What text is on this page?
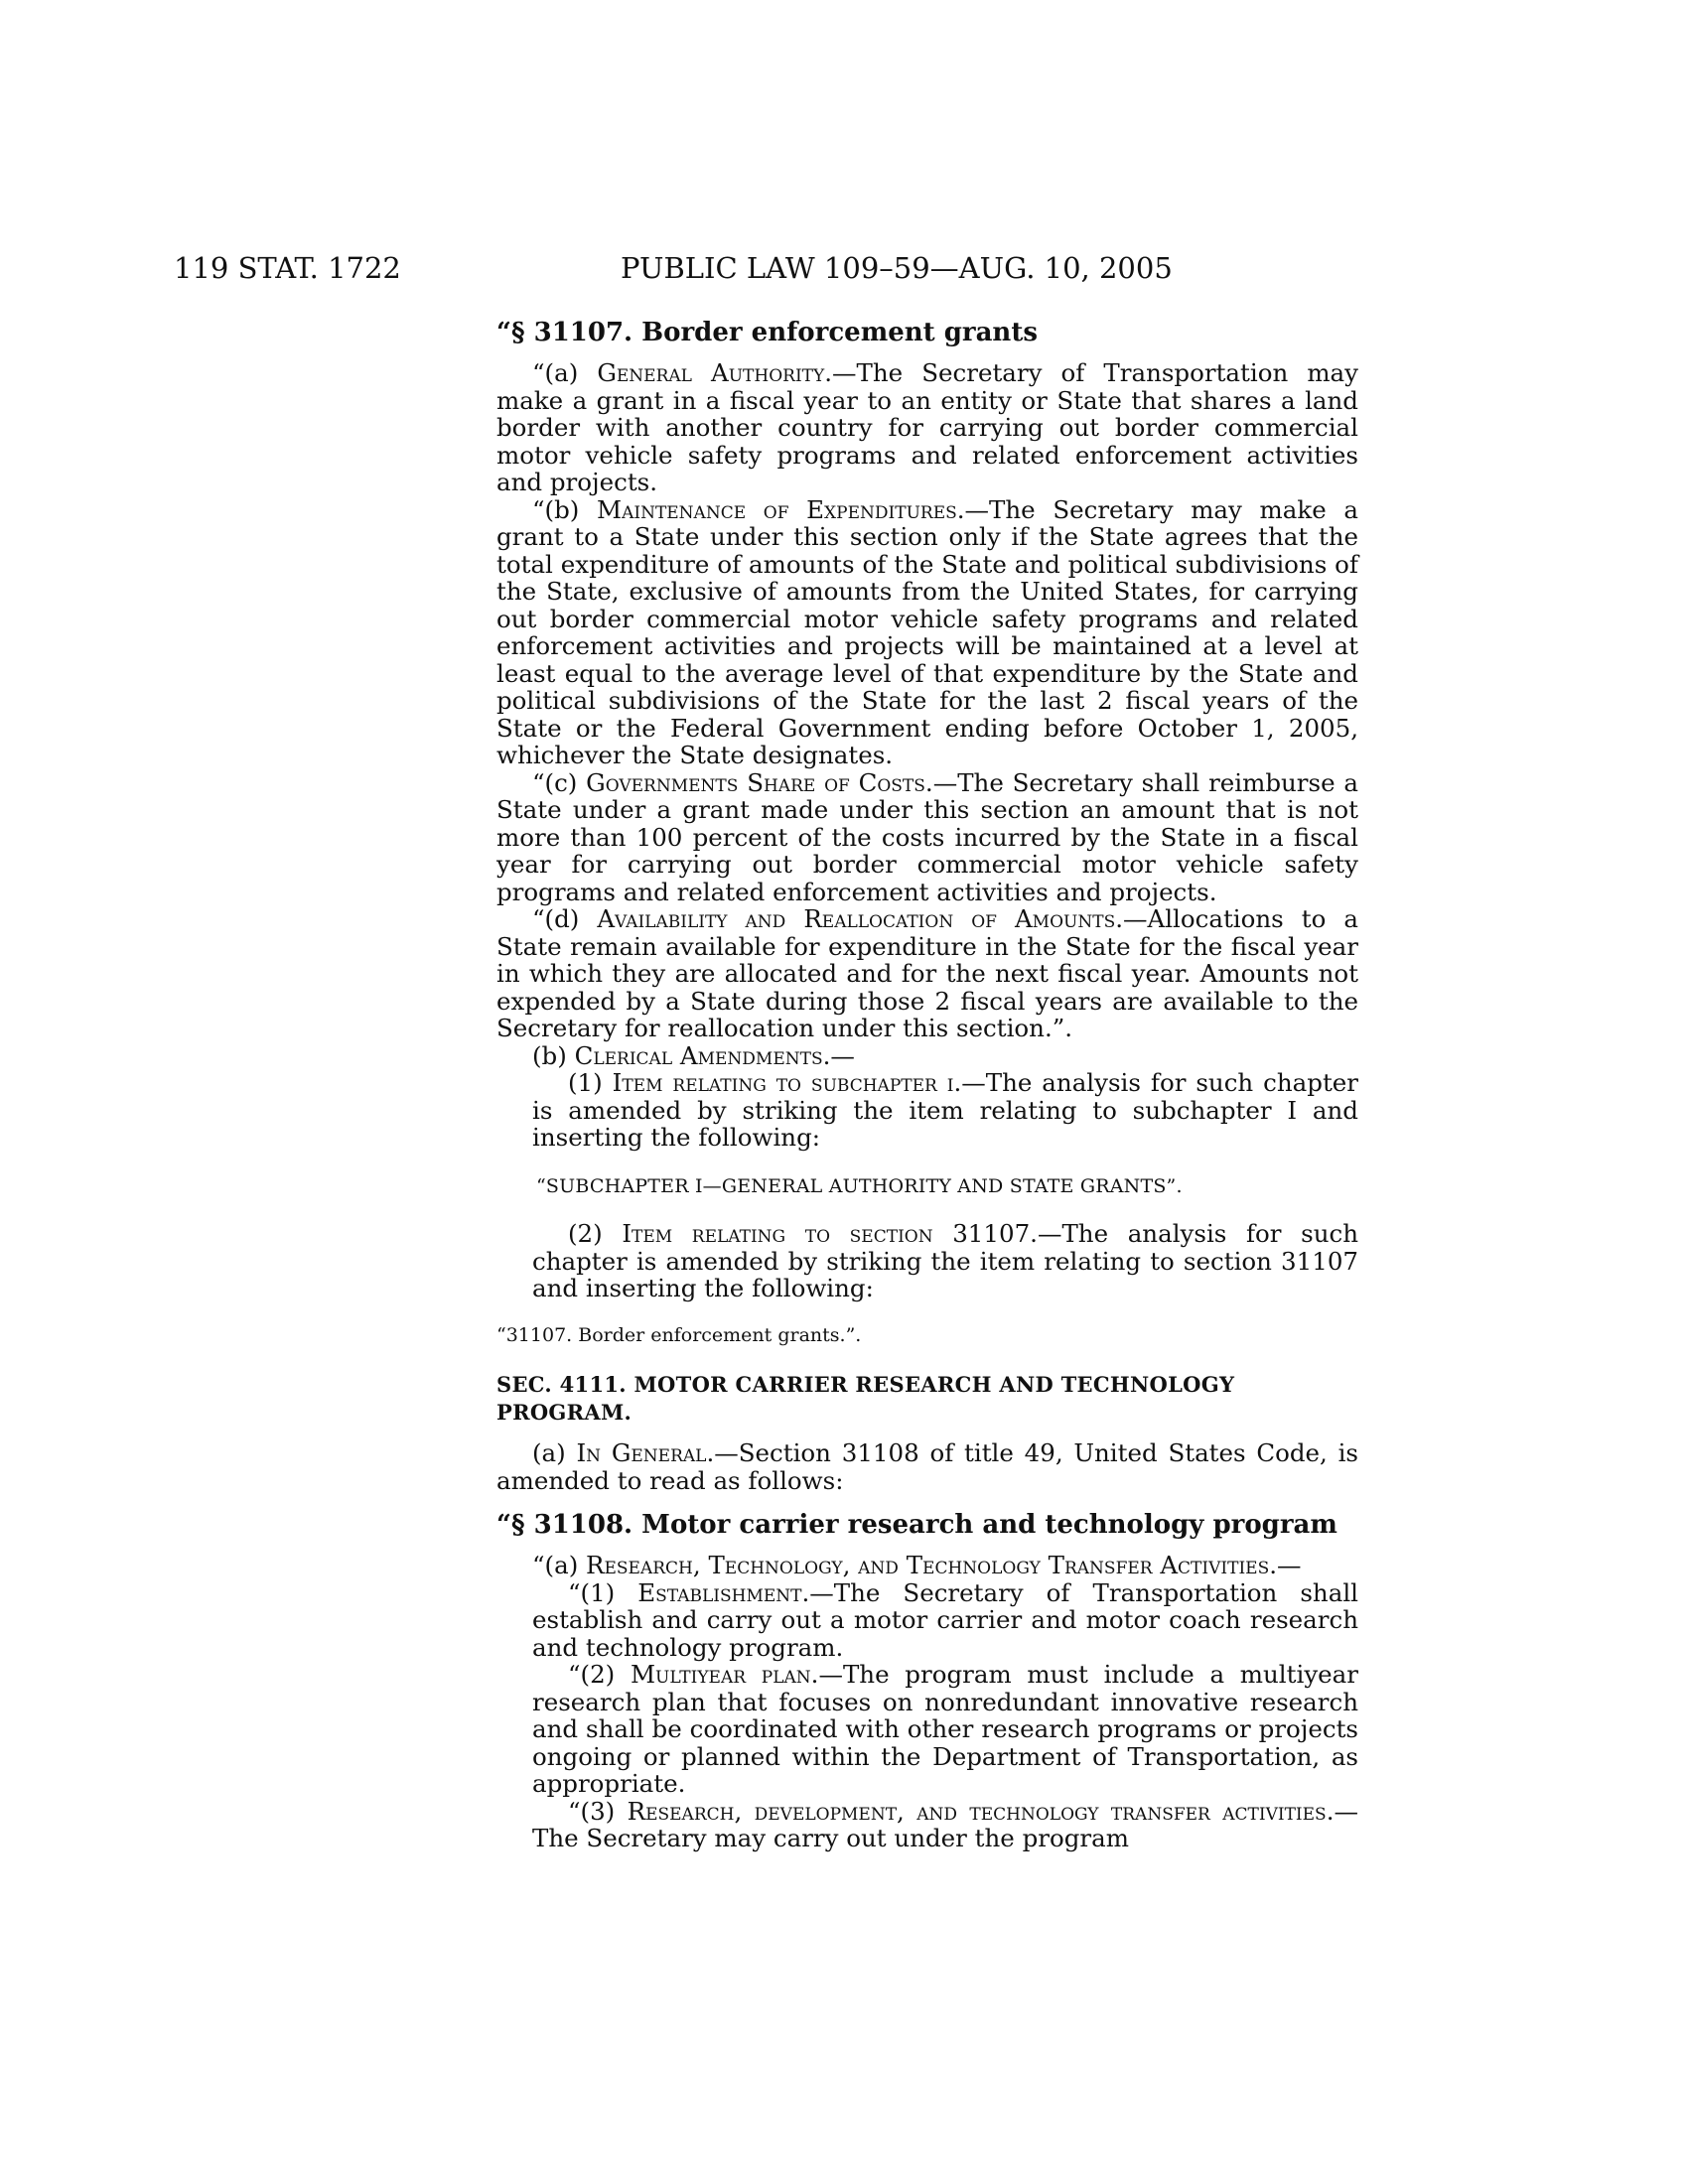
119 STAT. 1722	PUBLIC LAW 109–59—AUG. 10, 2005
“§ 31107. Border enforcement grants

“(a) General Authority.—The Secretary of Transportation may make a grant in a fiscal year to an entity or State that shares a land border with another country for carrying out border commercial motor vehicle safety programs and related enforcement activities and projects.

“(b) Maintenance of Expenditures.—The Secretary may make a grant to a State under this section only if the State agrees that the total expenditure of amounts of the State and political subdivisions of the State, exclusive of amounts from the United States, for carrying out border commercial motor vehicle safety programs and related enforcement activities and projects will be maintained at a level at least equal to the average level of that expenditure by the State and political subdivisions of the State for the last 2 fiscal years of the State or the Federal Government ending before October 1, 2005, whichever the State designates.

“(c) Governments Share of Costs.—The Secretary shall reimburse a State under a grant made under this section an amount that is not more than 100 percent of the costs incurred by the State in a fiscal year for carrying out border commercial motor vehicle safety programs and related enforcement activities and projects.

“(d) Availability and Reallocation of Amounts.—Allocations to a State remain available for expenditure in the State for the fiscal year in which they are allocated and for the next fiscal year. Amounts not expended by a State during those 2 fiscal years are available to the Secretary for reallocation under this section.”.

(b) Clerical Amendments.—

(1) Item relating to subchapter i.—The analysis for such chapter is amended by striking the item relating to subchapter I and inserting the following:

“SUBCHAPTER I—GENERAL AUTHORITY AND STATE GRANTS”.

(2) Item relating to section 31107.—The analysis for such chapter is amended by striking the item relating to section 31107 and inserting the following:

“31107. Border enforcement grants.”.
SEC. 4111. MOTOR CARRIER RESEARCH AND TECHNOLOGY PROGRAM.

(a) In General.—Section 31108 of title 49, United States Code, is amended to read as follows:

“§ 31108. Motor carrier research and technology program

“(a) Research, Technology, and Technology Transfer Activities.—

“(1) Establishment.—The Secretary of Transportation shall establish and carry out a motor carrier and motor coach research and technology program.

“(2) Multiyear plan.—The program must include a multiyear research plan that focuses on nonredundant innovative research and shall be coordinated with other research programs or projects ongoing or planned within the Department of Transportation, as appropriate.

“(3) Research, development, and technology transfer activities.—The Secretary may carry out under the program
